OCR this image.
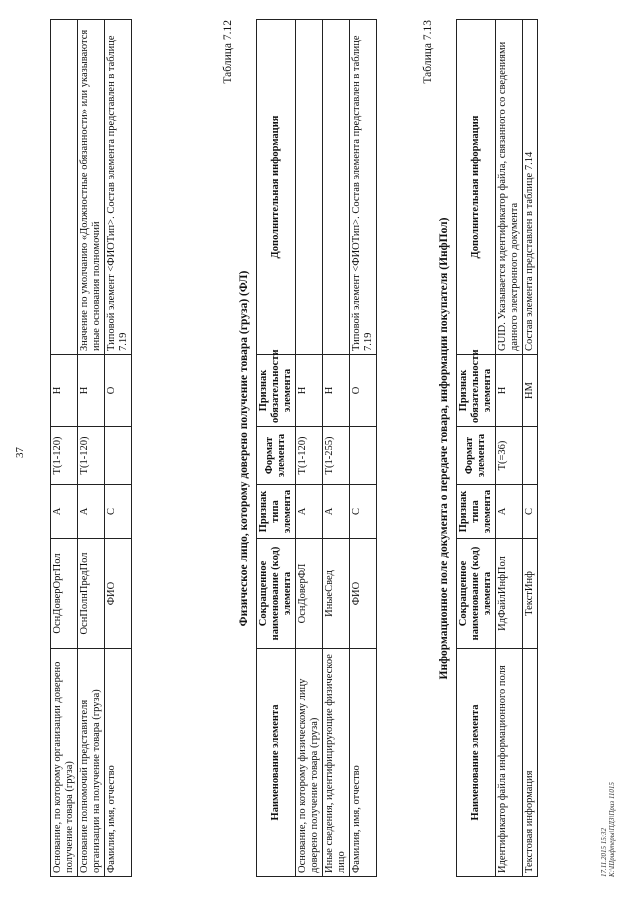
37
Основание, по которому организации доверено получение товара (груза)	ОснДоверОргПол	А	Т(1-120)	Н	
Основание полномочий представителя организации на получение товара (груза)	ОснПолнПредПол	А	Т(1-120)	Н	Значение по умолчанию «Должностные обязанности» или указываются иные основания полномочий
Фамилия, имя, отчество	ФИО	С		О	Типовой элемент <ФИОТип>. Состав элемента представлен в таблице 7.19
Таблица 7.12
Физическое лицо, которому доверено получение товара (груза) (ФЛ)
Наименование элемента	Сокращенное наименование (код) элемента	Признак типа элемента	Формат элемента	Признак обязательности элемента	Дополнительная информация
Основание, по которому физическому лицу доверено получение товара (груза)	ОснДоверФЛ	А	Т(1-120)	Н	
Иные сведения, идентифицирующие физическое лицо	ИныеСвед	А	Т(1-255)	Н	
Фамилия, имя, отчество	ФИО	С		О	Типовой элемент <ФИОТип>. Состав элемента представлен в таблице 7.19
Таблица 7.13
Информационное поле документа о передаче товара, информации покупателя (ИнфПол)
Наименование элемента	Сокращенное наименование (код) элемента	Признак типа элемента	Формат элемента	Признак обязательности элемента	Дополнительная информация
Идентификатор файла информационного поля	ИдФайлИнфПол	А	Т(=36)	Н	GUID. Указывается идентификатор файла, связанного со сведениями данного электронного документа
Текстовая информация	ТекстИнф	С		НМ	Состав элемента представлен в таблице 7.14
17.11.2015 15:32 К:\Шрифтеры\ПДЗ\Приз 11015
